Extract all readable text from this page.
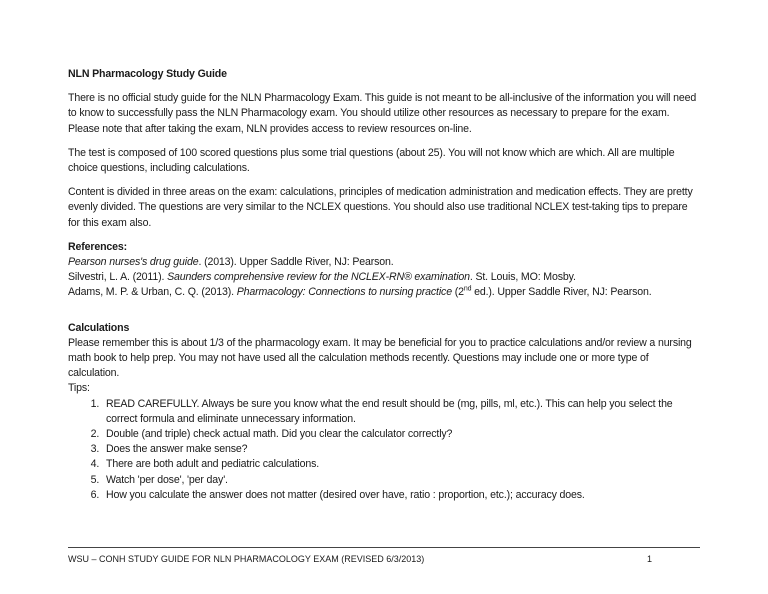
NLN Pharmacology Study Guide

There is no official study guide for the NLN Pharmacology Exam. This guide is not meant to be all-inclusive of the information you will need to know to successfully pass the NLN Pharmacology exam. You should utilize other resources as necessary to prepare for the exam. Please note that after taking the exam, NLN provides access to review resources on-line.

The test is composed of 100 scored questions plus some trial questions (about 25). You will not know which are which. All are multiple choice questions, including calculations.

Content is divided in three areas on the exam: calculations, principles of medication administration and medication effects. They are pretty evenly divided. The questions are very similar to the NCLEX questions. You should also use traditional NCLEX test-taking tips to prepare for this exam also.

References:

Pearson nurses's drug guide. (2013). Upper Saddle River, NJ: Pearson.

Silvestri, L. A. (2011). Saunders comprehensive review for the NCLEX-RN® examination. St. Louis, MO: Mosby.

Adams, M. P. & Urban, C. Q. (2013). Pharmacology: Connections to nursing practice (2nd ed.). Upper Saddle River, NJ: Pearson.

Calculations

Please remember this is about 1/3 of the pharmacology exam. It may be beneficial for you to practice calculations and/or review a nursing math book to help prep. You may not have used all the calculation methods recently. Questions may include one or more type of calculation.

Tips:

1. READ CAREFULLY. Always be sure you know what the end result should be (mg, pills, ml, etc.). This can help you select the correct formula and eliminate unnecessary information.
2. Double (and triple) check actual math. Did you clear the calculator correctly?
3. Does the answer make sense?
4. There are both adult and pediatric calculations.
5. Watch 'per dose', 'per day'.
6. How you calculate the answer does not matter (desired over have, ratio : proportion, etc.); accuracy does.
WSU – CONH STUDY GUIDE FOR NLN PHARMACOLOGY EXAM (REVISED 6/3/2013)	1
